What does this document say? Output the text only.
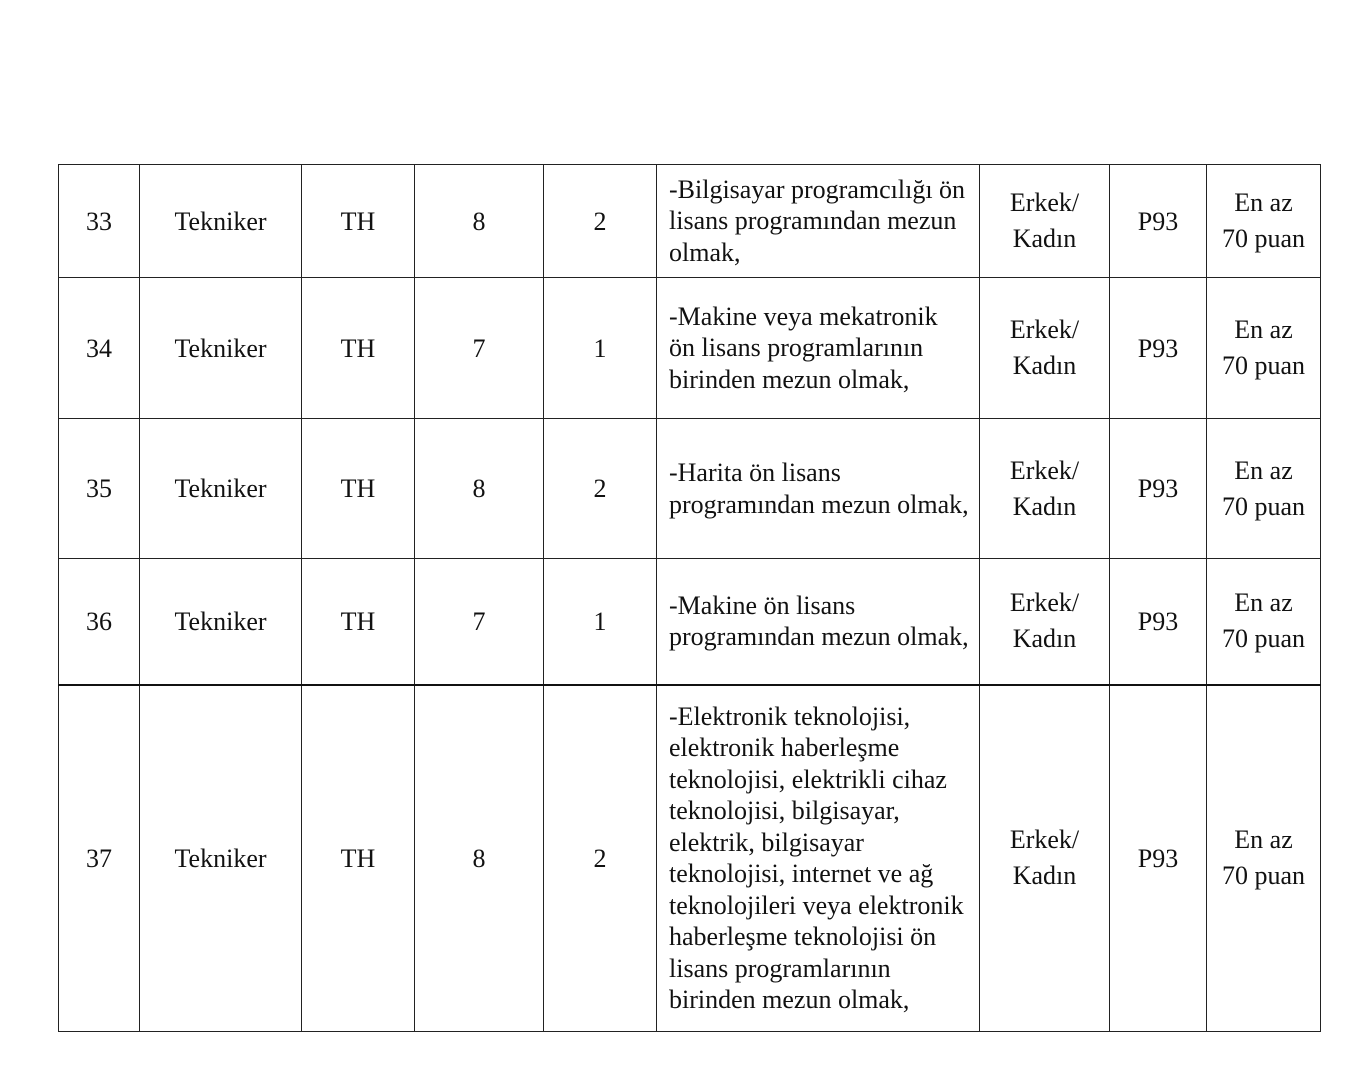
33	Tekniker	TH	8	2	-Bilgisayar programcılığı ön lisans programından mezun olmak,	Erkek/
Kadın	P93	En az
70 puan

34	Tekniker	TH	7	1	-Makine veya mekatronik ön lisans programlarının birinden mezun olmak,	Erkek/
Kadın	P93	En az
70 puan

35	Tekniker	TH	8	2	-Harita ön lisans programından mezun olmak,	Erkek/
Kadın	P93	En az
70 puan

36	Tekniker	TH	7	1	-Makine ön lisans programından mezun olmak,	Erkek/
Kadın	P93	En az
70 puan

37	Tekniker	TH	8	2	-Elektronik teknolojisi, elektronik haberleşme teknolojisi, elektrikli cihaz teknolojisi, bilgisayar, elektrik, bilgisayar teknolojisi, internet ve ağ teknolojileri veya elektronik haberleşme teknolojisi ön lisans programlarının birinden mezun olmak,	Erkek/
Kadın	P93	En az
70 puan
